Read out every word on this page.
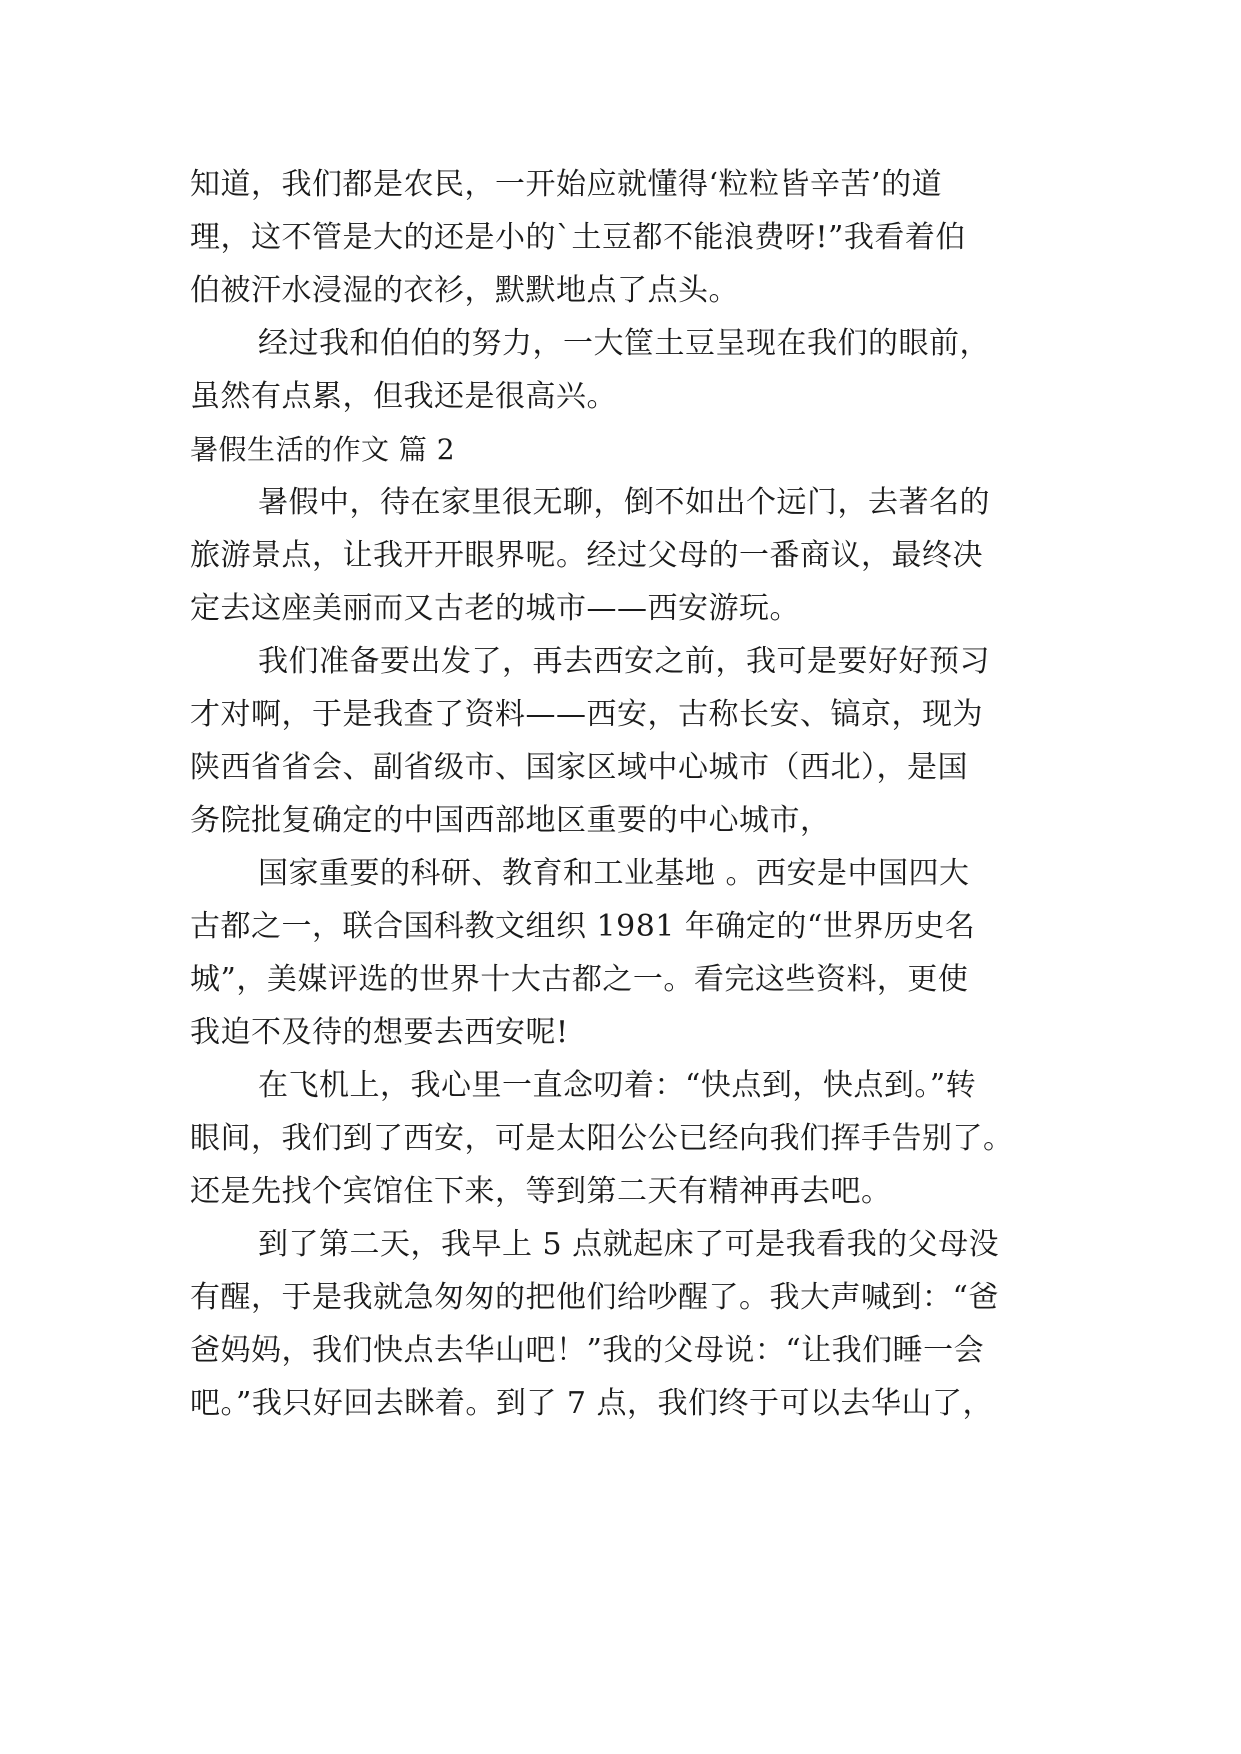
知道，我们都是农民，一开始应就懂得‘粒粒皆辛苦’的道
理，这不管是大的还是小的`土豆都不能浪费呀!”我看着伯
伯被汗水浸湿的衣衫，默默地点了点头。
经过我和伯伯的努力，一大筐土豆呈现在我们的眼前，
虽然有点累，但我还是很高兴。
暑假生活的作文 篇 2
暑假中，待在家里很无聊，倒不如出个远门，去著名的
旅游景点，让我开开眼界呢。经过父母的一番商议，最终决
定去这座美丽而又古老的城市——西安游玩。
我们准备要出发了，再去西安之前，我可是要好好预习
才对啊，于是我查了资料——西安，古称长安、镐京，现为
陕西省省会、副省级市、国家区域中心城市（西北），是国
务院批复确定的中国西部地区重要的中心城市，
国家重要的科研、教育和工业基地 。西安是中国四大
古都之一，联合国科教文组织 1981 年确定的“世界历史名
城”，美媒评选的世界十大古都之一。看完这些资料，更使
我迫不及待的想要去西安呢!
在飞机上，我心里一直念叨着：“快点到，快点到。”转
眼间，我们到了西安，可是太阳公公已经向我们挥手告别了。
还是先找个宾馆住下来，等到第二天有精神再去吧。
到了第二天，我早上 5 点就起床了可是我看我的父母没
有醒，于是我就急匆匆的把他们给吵醒了。我大声喊到：“爸
爸妈妈，我们快点去华山吧！”我的父母说：“让我们睡一会
吧。”我只好回去眯着。到了 7 点，我们终于可以去华山了，
